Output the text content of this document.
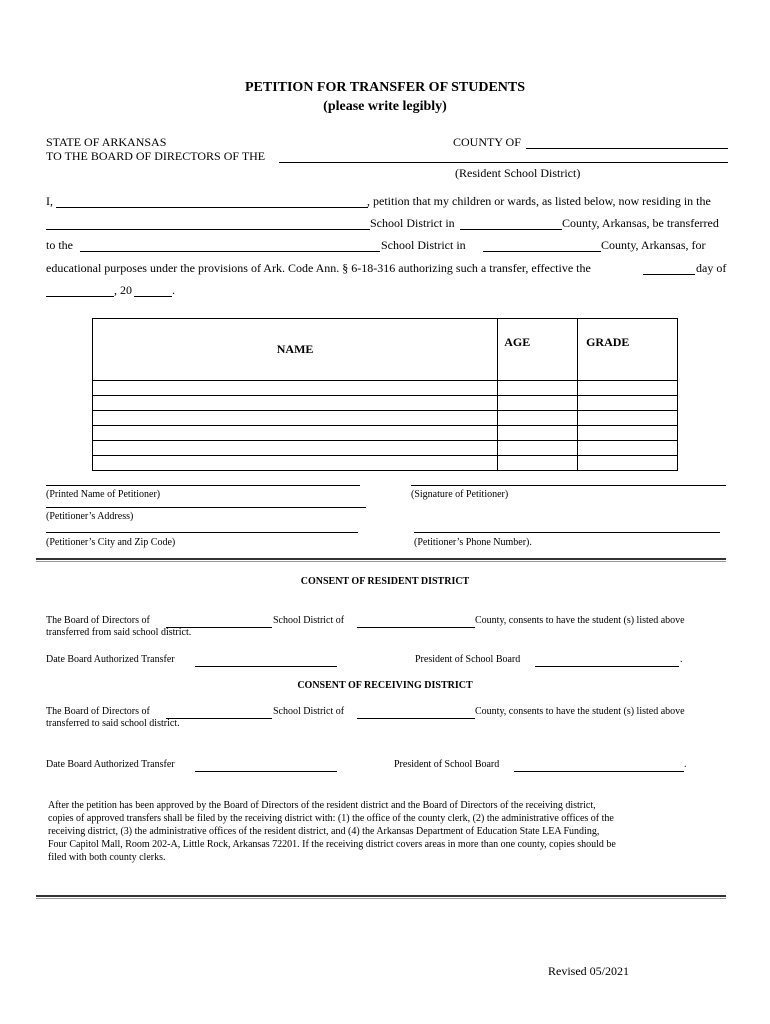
PETITION FOR TRANSFER OF STUDENTS
(please write legibly)
STATE OF ARKANSAS	COUNTY OF
TO THE BOARD OF DIRECTORS OF THE
(Resident School District)
I,	, petition that my children or wards, as listed below, now residing in the
School District in	County, Arkansas, be transferred
to the	School District in	County, Arkansas, for
educational purposes under the provisions of Ark. Code Ann. § 6-18-316 authorizing such a transfer, effective the	day of
, 20	.
NAME	AGE	GRADE

(Printed Name of Petitioner)	(Signature of Petitioner)
(Petitioner’s Address)
(Petitioner’s City and Zip Code)	(Petitioner’s Phone Number).
CONSENT OF RESIDENT DISTRICT
The Board of Directors of	School District of	County, consents to have the student (s) listed above
transferred from said school district.
Date Board Authorized Transfer	President of School Board	.
CONSENT OF RECEIVING DISTRICT
The Board of Directors of	School District of	County, consents to have the student (s) listed above
transferred to said school district.
Date Board Authorized Transfer	President of School Board	.
After the petition has been approved by the Board of Directors of the resident district and the Board of Directors of the receiving district,
copies of approved transfers shall be filed by the receiving district with: (1) the office of the county clerk, (2) the administrative offices of the
receiving district, (3) the administrative offices of the resident district, and (4) the Arkansas Department of Education State LEA Funding,
Four Capitol Mall, Room 202-A, Little Rock, Arkansas 72201. If the receiving district covers areas in more than one county, copies should be
filed with both county clerks.
Revised 05/2021
